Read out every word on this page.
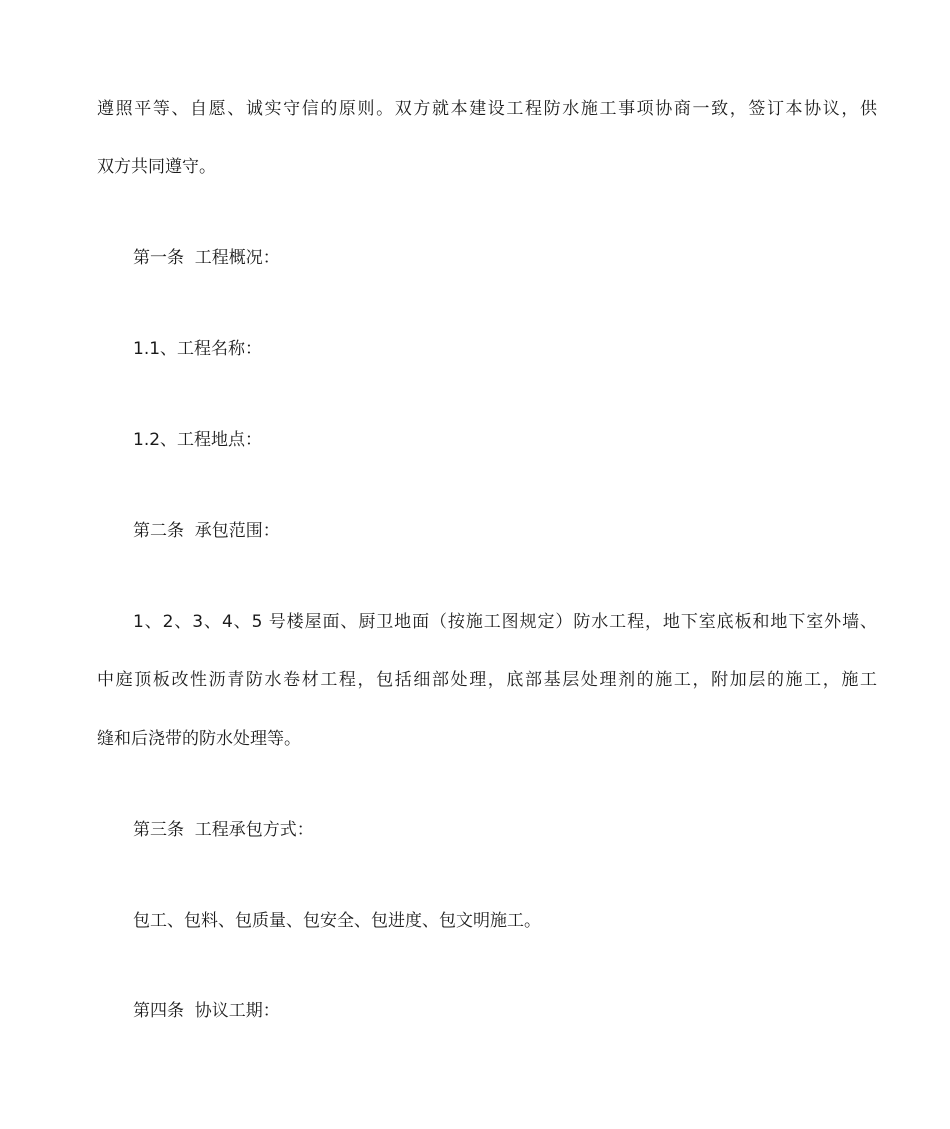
遵照平等、自愿、诚实守信的原则。双方就本建设工程防水施工事项协商一致，签订本协议，供
双方共同遵守。
第一条  工程概况：
1.1、工程名称：
1.2、工程地点：
第二条  承包范围：
1、2、3、4、5 号楼屋面、厨卫地面（按施工图规定）防水工程，地下室底板和地下室外墙、
中庭顶板改性沥青防水卷材工程，包括细部处理，底部基层处理剂的施工，附加层的施工，施工
缝和后浇带的防水处理等。
第三条  工程承包方式：
包工、包料、包质量、包安全、包进度、包文明施工。
第四条  协议工期：
